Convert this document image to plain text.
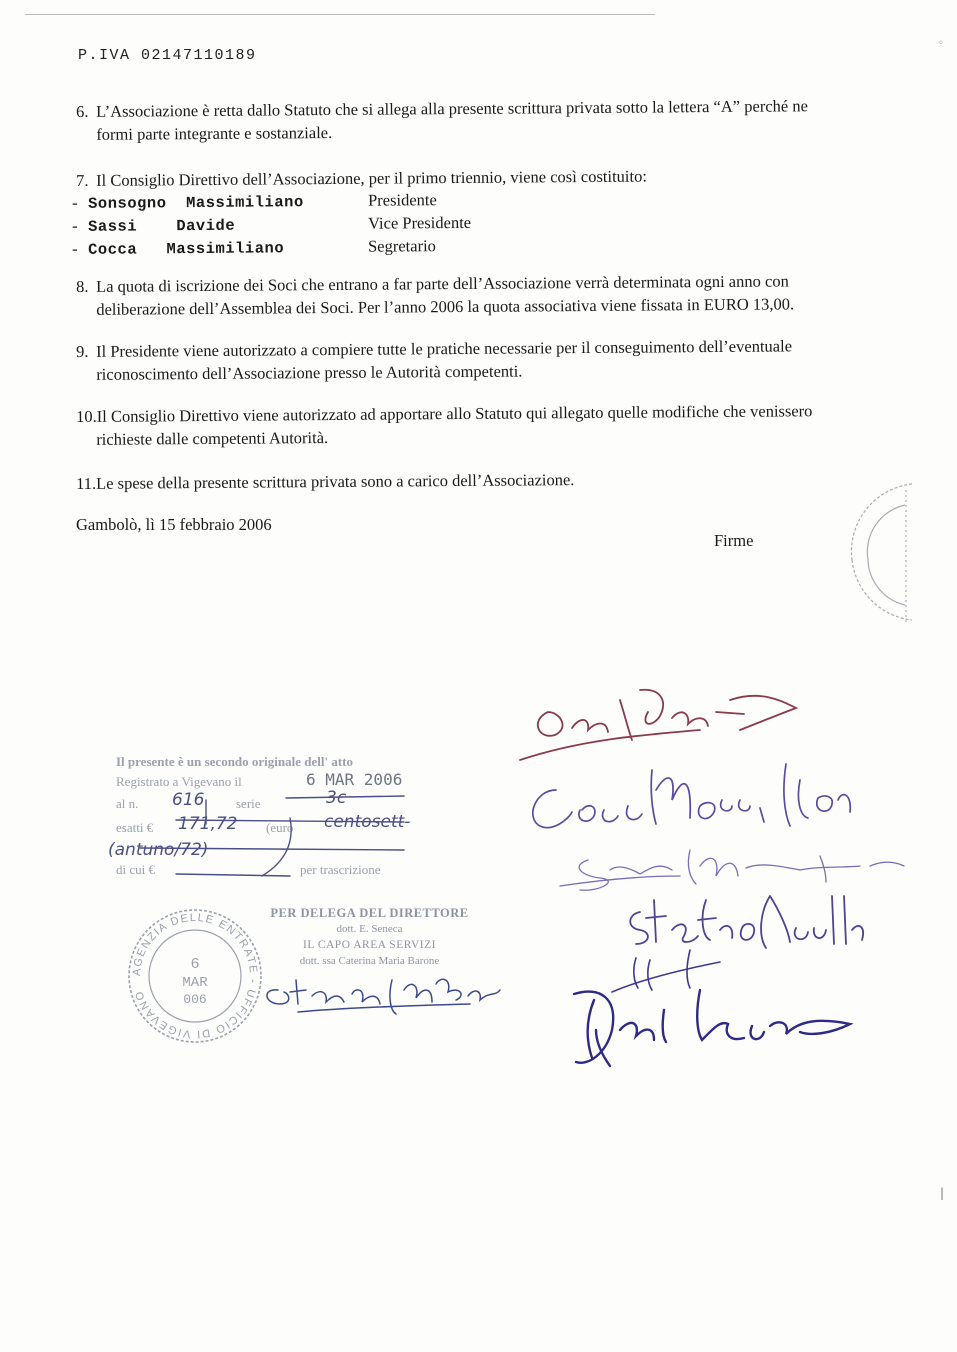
P.IVA 02147110189
6. L’Associazione è retta dallo Statuto che si allega alla presente scrittura privata sotto la lettera “A” perché ne
formi parte integrante e sostanziale.
7. Il Consiglio Direttivo dell’Associazione, per il primo triennio, viene così costituito:
- Sonsogno  Massimiliano	Presidente
- Sassi    Davide	Vice Presidente
- Cocca   Massimiliano	Segretario
8. La quota di iscrizione dei Soci che entrano a far parte dell’Associazione verrà determinata ogni anno con
deliberazione dell’Assemblea dei Soci. Per l’anno 2006 la quota associativa viene fissata in EURO 13,00.
9. Il Presidente viene autorizzato a compiere tutte le pratiche necessarie per il conseguimento dell’eventuale
riconoscimento dell’Associazione presso le Autorità competenti.
10.Il Consiglio Direttivo viene autorizzato ad apportare allo Statuto qui allegato quelle modifiche che venissero
richieste dalle competenti Autorità.
11.Le spese della presente scrittura privata sono a carico dell’Associazione.
Gambolò, lì 15 febbraio 2006
Firme
Il presente è un secondo originale dell' atto
Registrato a Vigevano il	6 MAR 2006
al n. 616 serie	3c
esatti € 171,72 (euro centosett-
(antuno/72)
di cui €	per trascrizione
PER DELEGA DEL DIRETTORE
dott. E. Seneca
IL CAPO AREA SERVIZI
dott. ssa Caterina Maria Barone
AGENZIA DELLE ENTRATE - UFFICIO DI VIGEVANO
6
MAR
006
◦
|
